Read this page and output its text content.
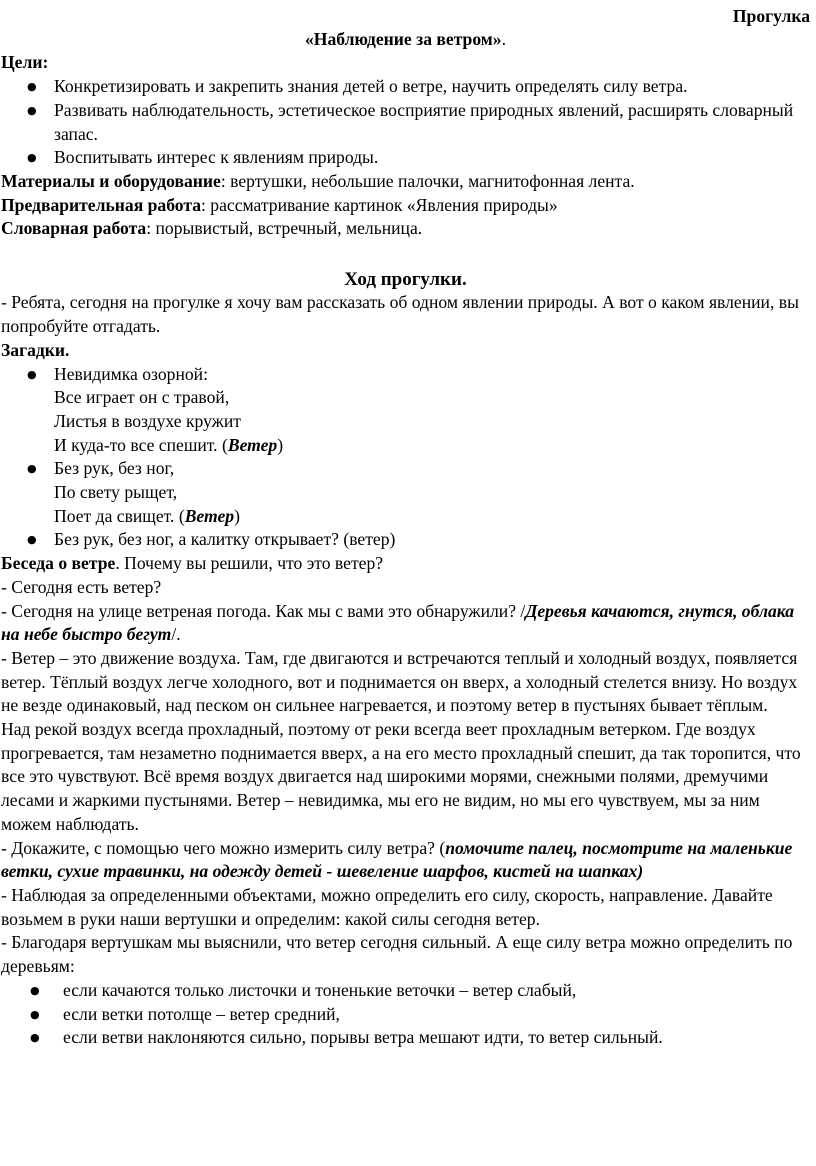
Прогулка

«Наблюдение за ветром».

Цели:

● Конкретизировать и закрепить знания детей о ветре, научить определять силу ветра.
● Развивать наблюдательность, эстетическое восприятие природных явлений, расширять словарный запас.
● Воспитывать интерес к явлениям природы.

Материалы и оборудование: вертушки, небольшие палочки, магнитофонная лента.

Предварительная работа: рассматривание картинок «Явления природы»

Словарная работа: порывистый, встречный, мельница.

Ход прогулки.

- Ребята, сегодня на прогулке я хочу вам рассказать об одном явлении природы. А вот о каком явлении, вы попробуйте отгадать.

Загадки.

● Невидимка озорной:
Все играет он с травой,
Листья в воздухе кружит
И куда-то все спешит. (Ветер)
● Без рук, без ног,
По свету рыщет,
Поет да свищет. (Ветер)
● Без рук, без ног, а калитку открывает? (ветер)

Беседа о ветре. Почему вы решили, что это ветер?

- Сегодня есть ветер?

- Сегодня на улице ветреная погода. Как мы с вами это обнаружили? /Деревья качаются, гнутся, облака на небе быстро бегут/.

- Ветер – это движение воздуха. Там, где двигаются и встречаются теплый и холодный воздух, появляется ветер. Тёплый воздух легче холодного, вот и поднимается он вверх, а холодный стелется внизу. Но воздух не везде одинаковый, над песком он сильнее нагревается, и поэтому ветер в пустынях бывает тёплым.

Над рекой воздух всегда прохладный, поэтому от реки всегда веет прохладным ветерком. Где воздух прогревается, там незаметно поднимается вверх, а на его место прохладный спешит, да так торопится, что все это чувствуют. Всё время воздух двигается над широкими морями, снежными полями, дремучими лесами и жаркими пустынями. Ветер – невидимка, мы его не видим, но мы его чувствуем, мы за ним можем наблюдать.

- Докажите, с помощью чего можно измерить силу ветра? (помочите палец, посмотрите на маленькие ветки, сухие травинки, на одежду детей - шевеление шарфов, кистей на шапках)

- Наблюдая за определенными объектами, можно определить его силу, скорость, направление. Давайте возьмем в руки наши вертушки и определим: какой силы сегодня ветер.

- Благодаря вертушкам мы выяснили, что ветер сегодня сильный. А еще силу ветра можно определить по деревьям:

● если качаются только листочки и тоненькие веточки – ветер слабый,
● если ветки потолще – ветер средний,
● если ветви наклоняются сильно, порывы ветра мешают идти, то ветер сильный.
